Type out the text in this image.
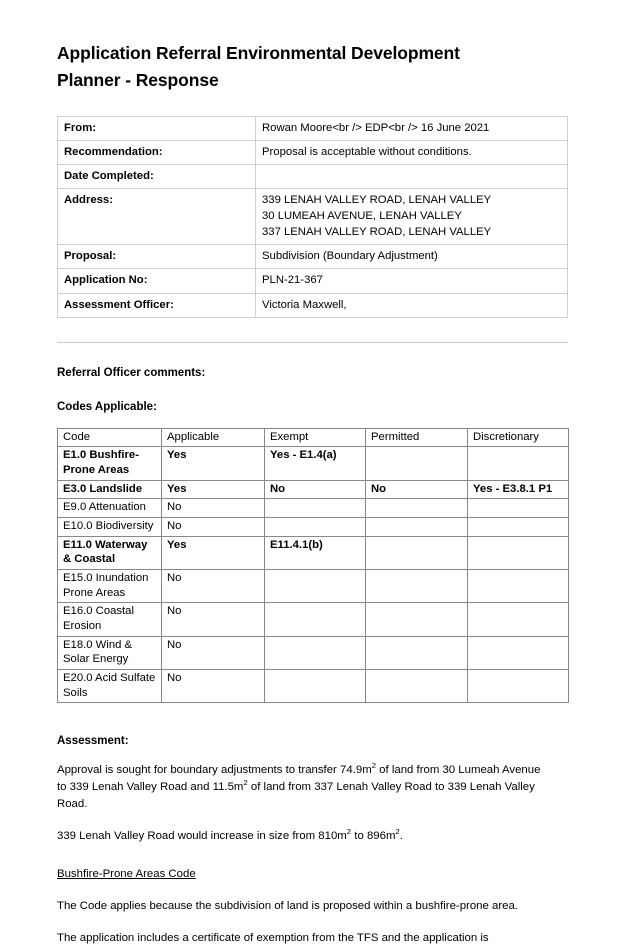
Application Referral Environmental Development Planner - Response
From:	Rowan Moore<br /> EDP<br /> 16 June 2021
Recommendation:	Proposal is acceptable without conditions.
Date Completed:	
Address:	339 LENAH VALLEY ROAD, LENAH VALLEY
30 LUMEAH AVENUE, LENAH VALLEY
337 LENAH VALLEY ROAD, LENAH VALLEY

Proposal:	Subdivision (Boundary Adjustment)
Application No:	PLN-21-367
Assessment Officer:	Victoria Maxwell,
Referral Officer comments:
Codes Applicable:
Code	Applicable	Exempt	Permitted	Discretionary
E1.0 Bushfire-Prone Areas	Yes	Yes - E1.4(a)		
E3.0 Landslide	Yes	No	No	Yes - E3.8.1 P1
E9.0 Attenuation	No			
E10.0 Biodiversity	No			
E11.0 Waterway & Coastal	Yes	E11.4.1(b)		
E15.0 Inundation Prone Areas	No			
E16.0 Coastal Erosion	No			
E18.0 Wind & Solar Energy	No			
E20.0 Acid Sulfate Soils	No			
Assessment:

Approval is sought for boundary adjustments to transfer $74.9m^2$ of land from 30 Lumeah Avenue to 339 Lenah Valley Road and $11.5m^2$ of land from 337 Lenah Valley Road to 339 Lenah Valley Road.

339 Lenah Valley Road would increase in size from $810m^2$ to $896m^2$.

Bushfire-Prone Areas Code

The Code applies because the subdivision of land is proposed within a bushfire-prone area.

The application includes a certificate of exemption from the TFS and the application is
